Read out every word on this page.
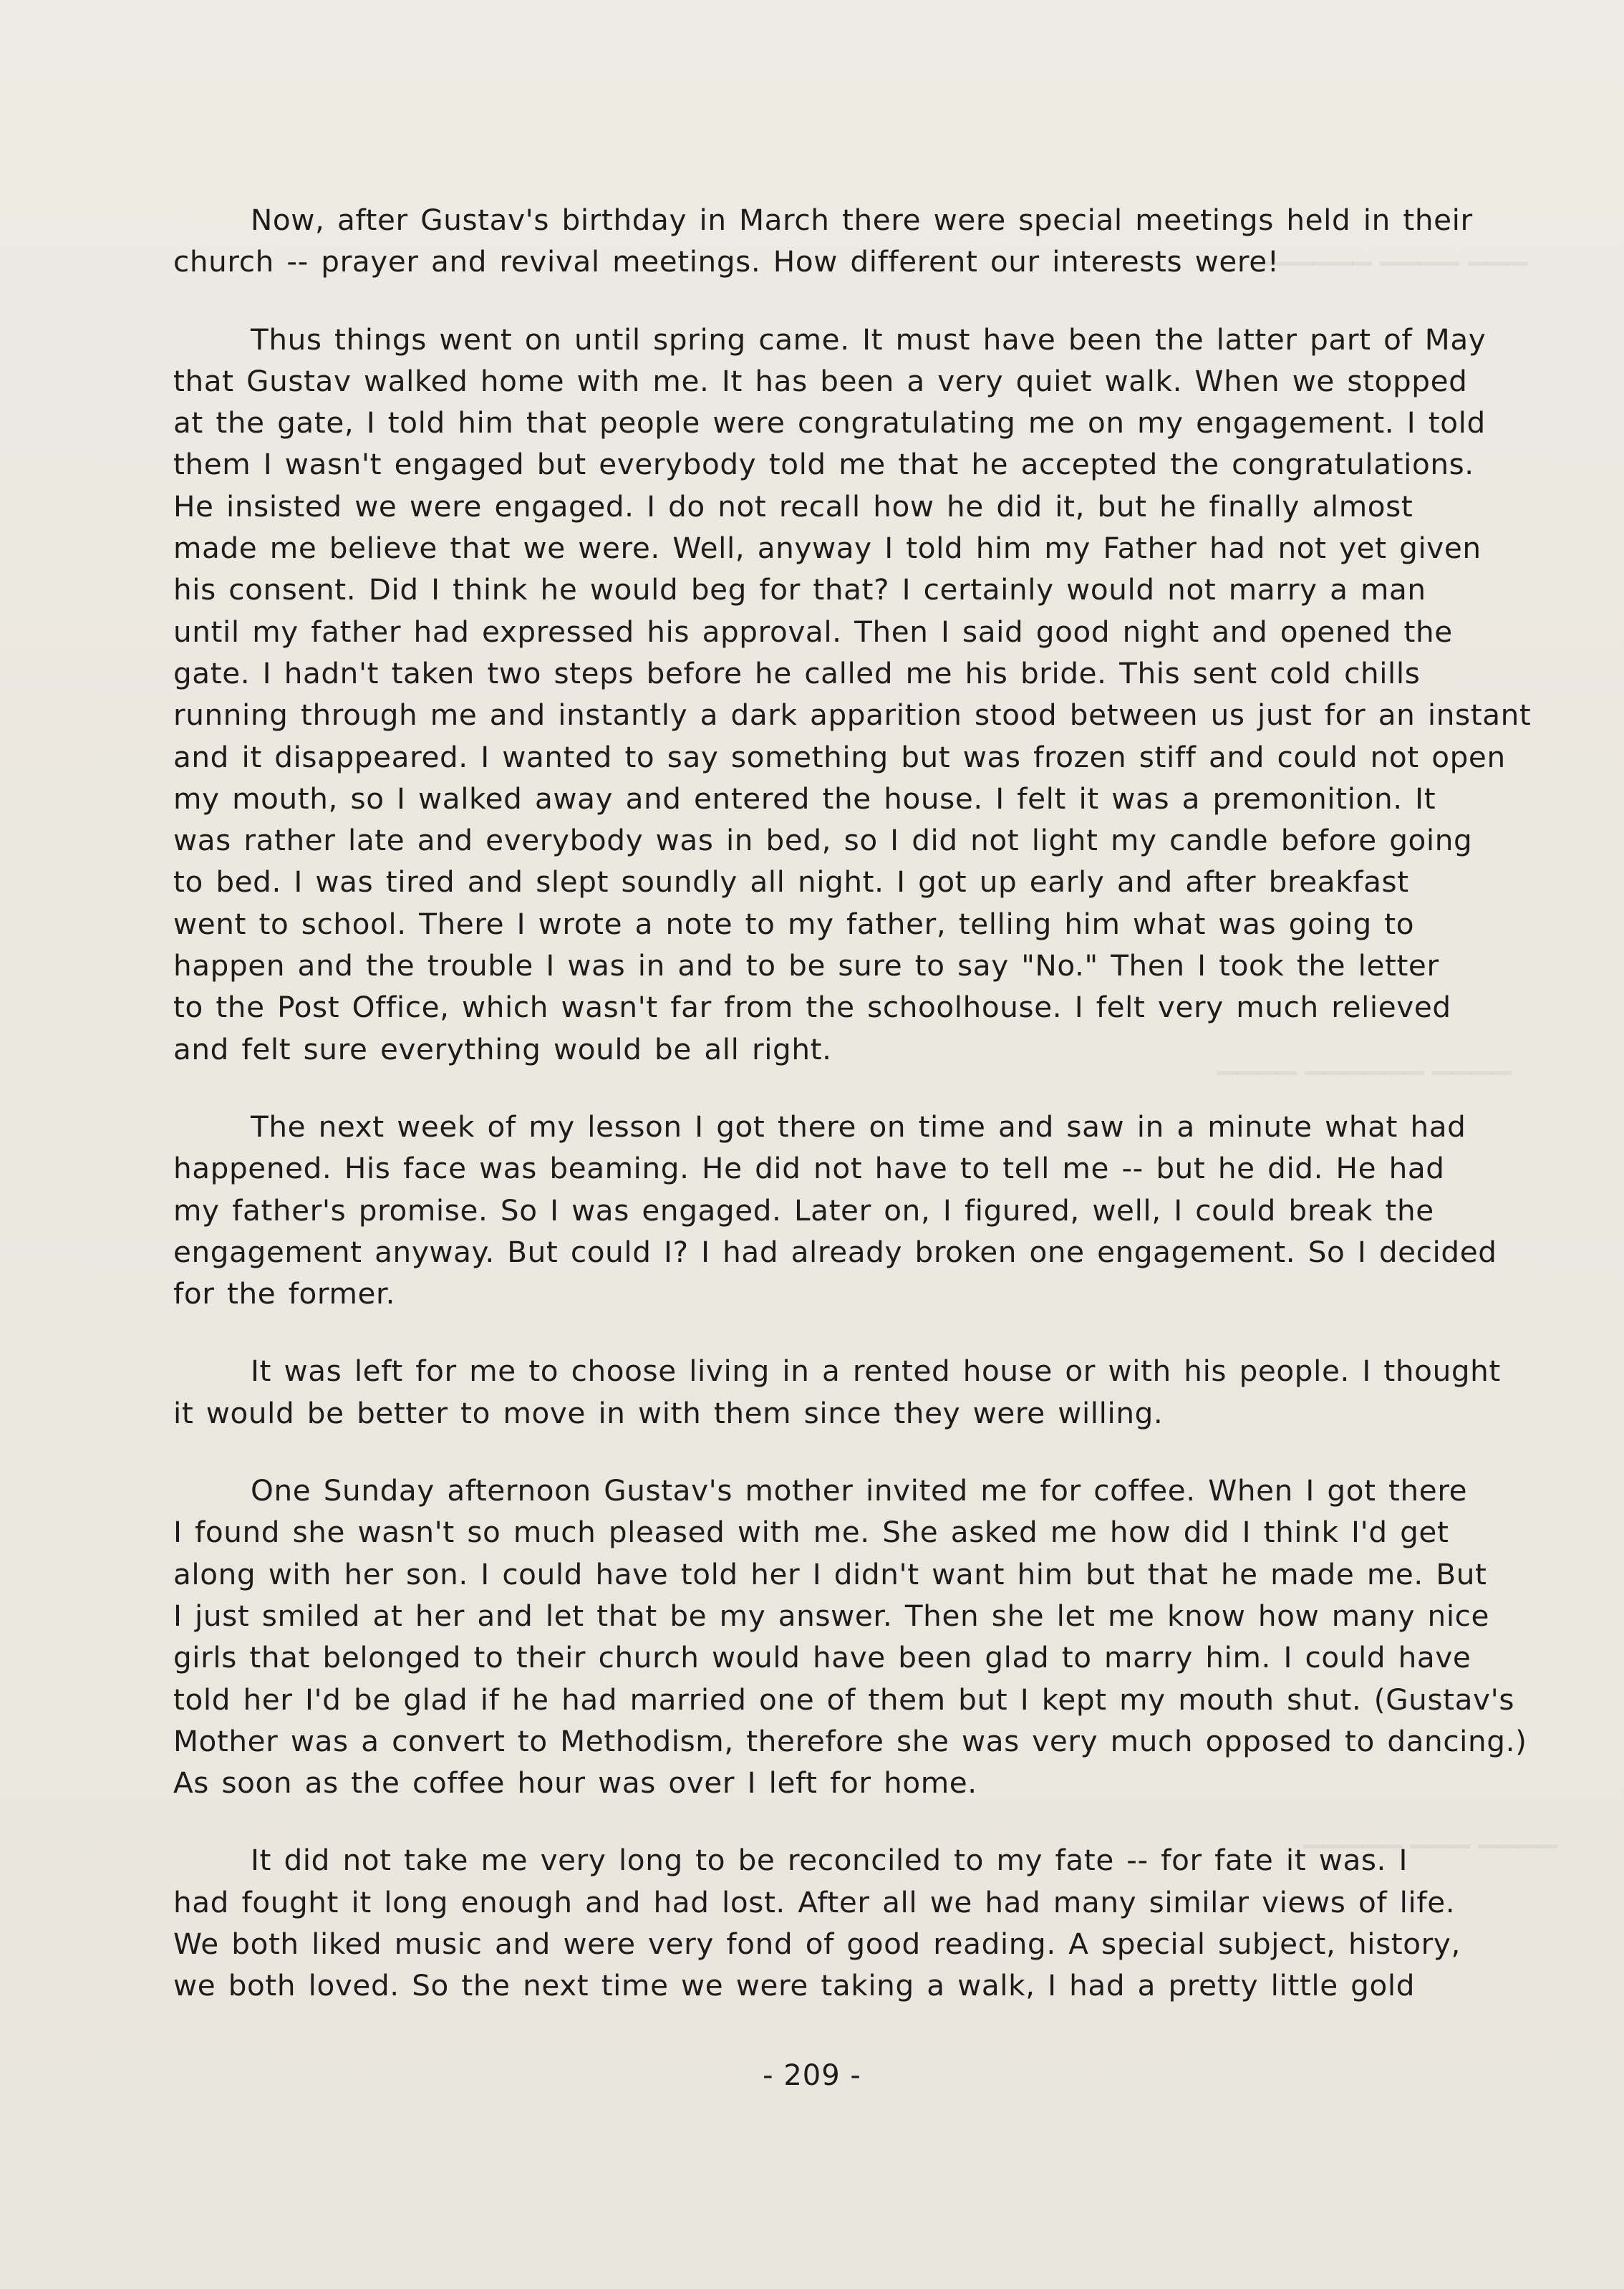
▁▁▁▁▁▁ ▁▁▁▁ ▁▁▁
▁▁▁▁ ▁▁▁▁▁▁ ▁▁▁▁
▁▁▁▁▁ ▁▁▁ ▁▁▁▁
Now, after Gustav's birthday in March there were special meetings held in their
church -- prayer and revival meetings. How different our interests were!
Thus things went on until spring came. It must have been the latter part of May
that Gustav walked home with me. It has been a very quiet walk. When we stopped
at the gate, I told him that people were congratulating me on my engagement. I told
them I wasn't engaged but everybody told me that he accepted the congratulations.
He insisted we were engaged. I do not recall how he did it, but he finally almost
made me believe that we were. Well, anyway I told him my Father had not yet given
his consent. Did I think he would beg for that? I certainly would not marry a man
until my father had expressed his approval. Then I said good night and opened the
gate. I hadn't taken two steps before he called me his bride. This sent cold chills
running through me and instantly a dark apparition stood between us just for an instant
and it disappeared. I wanted to say something but was frozen stiff and could not open
my mouth, so I walked away and entered the house. I felt it was a premonition. It
was rather late and everybody was in bed, so I did not light my candle before going
to bed. I was tired and slept soundly all night. I got up early and after breakfast
went to school. There I wrote a note to my father, telling him what was going to
happen and the trouble I was in and to be sure to say "No." Then I took the letter
to the Post Office, which wasn't far from the schoolhouse. I felt very much relieved
and felt sure everything would be all right.
The next week of my lesson I got there on time and saw in a minute what had
happened. His face was beaming. He did not have to tell me -- but he did. He had
my father's promise. So I was engaged. Later on, I figured, well, I could break the
engagement anyway. But could I? I had already broken one engagement. So I decided
for the former.
It was left for me to choose living in a rented house or with his people. I thought
it would be better to move in with them since they were willing.
One Sunday afternoon Gustav's mother invited me for coffee. When I got there
I found she wasn't so much pleased with me. She asked me how did I think I'd get
along with her son. I could have told her I didn't want him but that he made me. But
I just smiled at her and let that be my answer. Then she let me know how many nice
girls that belonged to their church would have been glad to marry him. I could have
told her I'd be glad if he had married one of them but I kept my mouth shut. (Gustav's
Mother was a convert to Methodism, therefore she was very much opposed to dancing.)
As soon as the coffee hour was over I left for home.
It did not take me very long to be reconciled to my fate -- for fate it was. I
had fought it long enough and had lost. After all we had many similar views of life.
We both liked music and were very fond of good reading. A special subject, history,
we both loved. So the next time we were taking a walk, I had a pretty little gold
- 209 -
